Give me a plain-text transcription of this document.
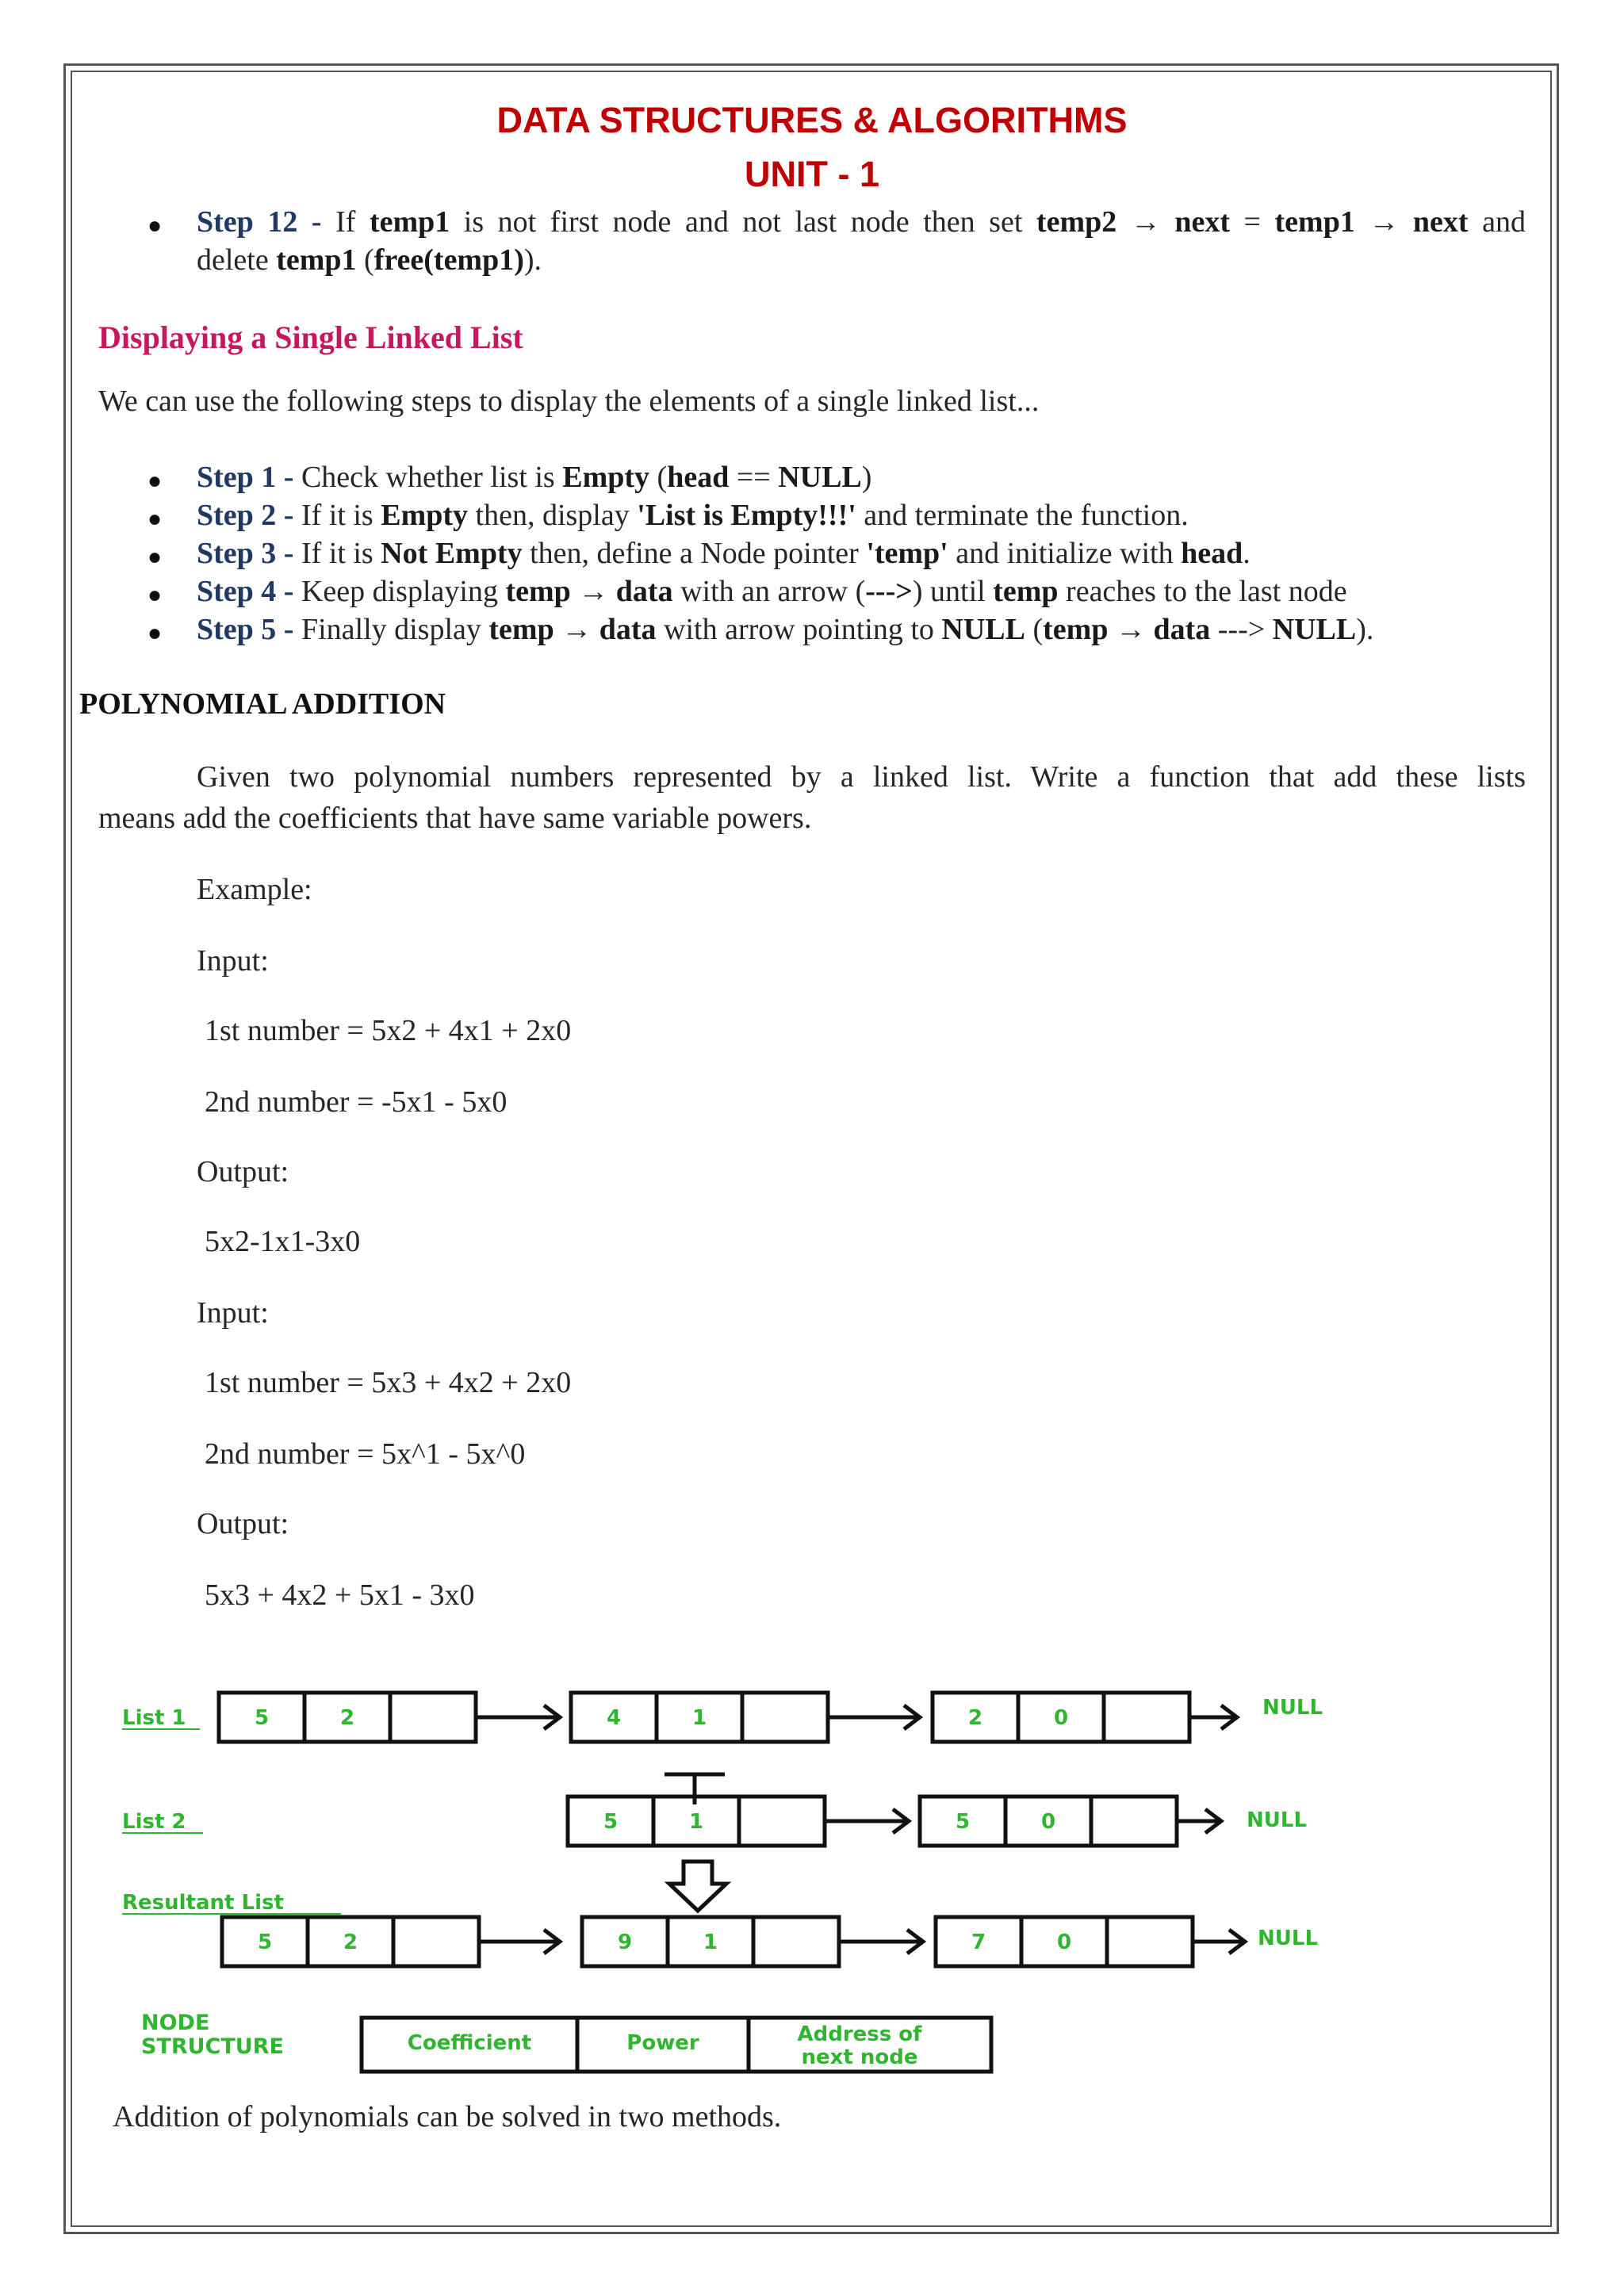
DATA STRUCTURES & ALGORITHMS
UNIT - 1
● Step 12 - If temp1 is not first node and not last node then set temp2 → next = temp1 → next and
delete temp1 (free(temp1)).
Displaying a Single Linked List
We can use the following steps to display the elements of a single linked list...
● Step 1 - Check whether list is Empty (head == NULL)
● Step 2 - If it is Empty then, display 'List is Empty!!!' and terminate the function.
● Step 3 - If it is Not Empty then, define a Node pointer 'temp' and initialize with head.
● Step 4 - Keep displaying temp → data with an arrow (--->) until temp reaches to the last node
● Step 5 - Finally display temp → data with arrow pointing to NULL (temp → data ---> NULL).
POLYNOMIAL ADDITION
Given two polynomial numbers represented by a linked list. Write a function that add these lists
means add the coefficients that have same variable powers.
Example:
Input:
1st number = 5x2 + 4x1 + 2x0
2nd number = -5x1 - 5x0
Output:
5x2-1x1-3x0
Input:
1st number = 5x3 + 4x2 + 2x0
2nd number = 5x^1 - 5x^0
Output:
5x3 + 4x2 + 5x1 - 3x0
List 1	5	2	4	1	2	0	NULL
List 2	5	1	5	0	NULL
Resultant List
5	2	9	1	7	0	NULL
NODE
STRUCTURE	Coefficient	Power	Address of
next node
Addition of polynomials can be solved in two methods.
